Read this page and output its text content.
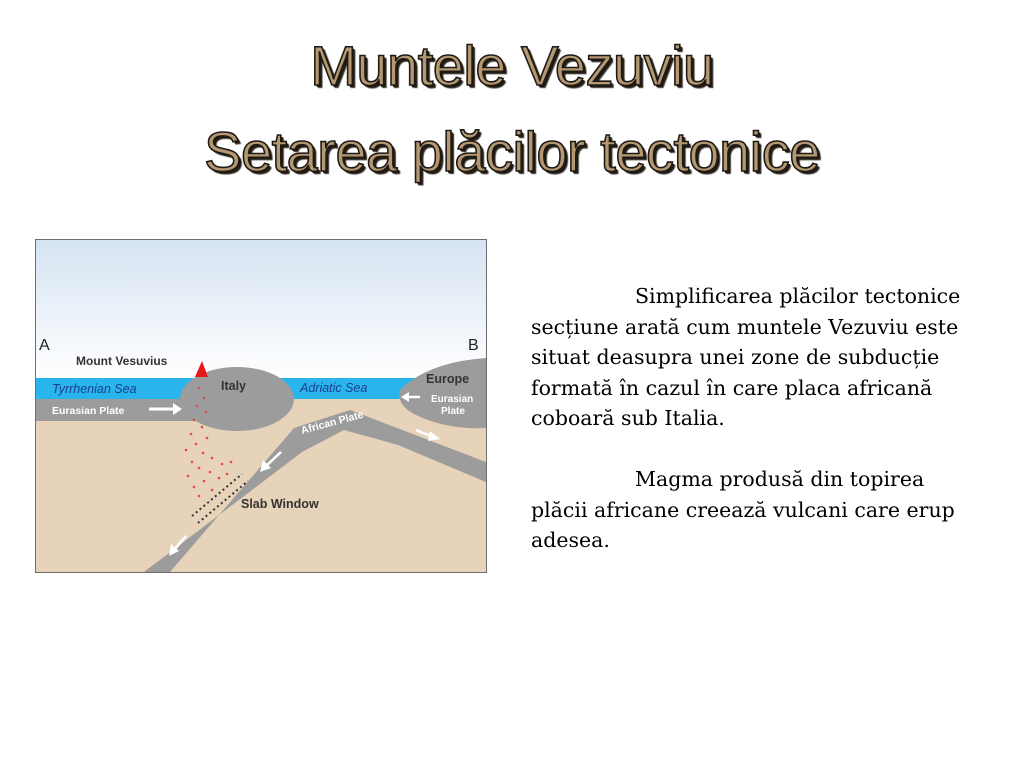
Muntele Vezuviu
Setarea plăcilor tectonice
A	B
Mount Vesuvius
Tyrrhenian Sea	Adriatic Sea
Italy	Europe
Eurasian Plate
Eurasian
Plate
African Plate
Slab Window

Simplificarea plăcilor tectonice secțiune arată cum muntele Vezuviu este situat deasupra unei zone de subducție formată în cazul în care placa africană coboară sub Italia.

Magma produsă din topirea plăcii africane creează vulcani care erup adesea.
